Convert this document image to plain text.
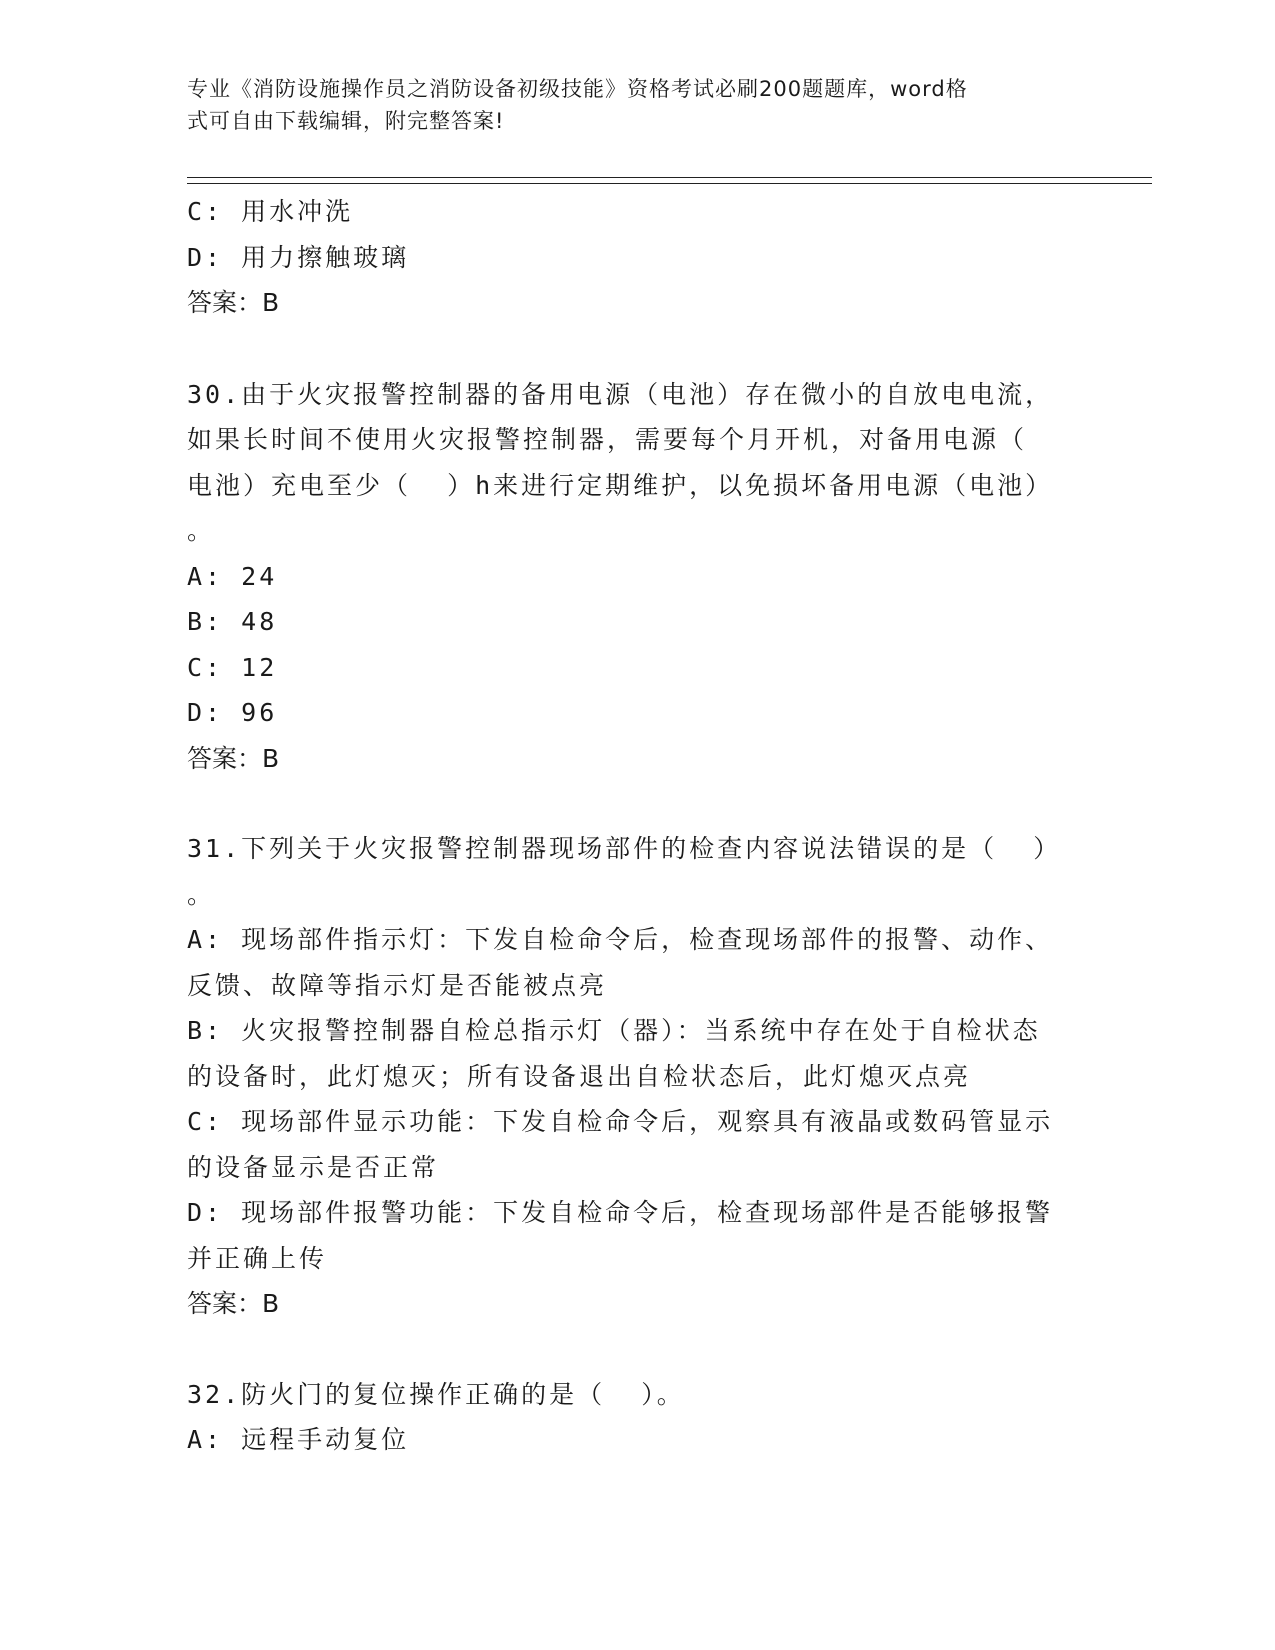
专业《消防设施操作员之消防设备初级技能》资格考试必刷200题题库，word格
式可自由下载编辑，附完整答案!
C: 用水冲洗
D: 用力擦触玻璃
答案：B
30.由于火灾报警控制器的备用电源（电池）存在微小的自放电电流，
如果长时间不使用火灾报警控制器，需要每个月开机，对备用电源（
电池）充电至少（  ）h来进行定期维护，以免损坏备用电源（电池）
。
A: 24
B: 48
C: 12
D: 96
答案：B
31.下列关于火灾报警控制器现场部件的检查内容说法错误的是（  ）
。
A: 现场部件指示灯：下发自检命令后，检查现场部件的报警、动作、
反馈、故障等指示灯是否能被点亮
B: 火灾报警控制器自检总指示灯（器）：当系统中存在处于自检状态
的设备时，此灯熄灭；所有设备退出自检状态后，此灯熄灭点亮
C: 现场部件显示功能：下发自检命令后，观察具有液晶或数码管显示
的设备显示是否正常
D: 现场部件报警功能：下发自检命令后，检查现场部件是否能够报警
并正确上传
答案：B
32.防火门的复位操作正确的是（  ）。
A: 远程手动复位
